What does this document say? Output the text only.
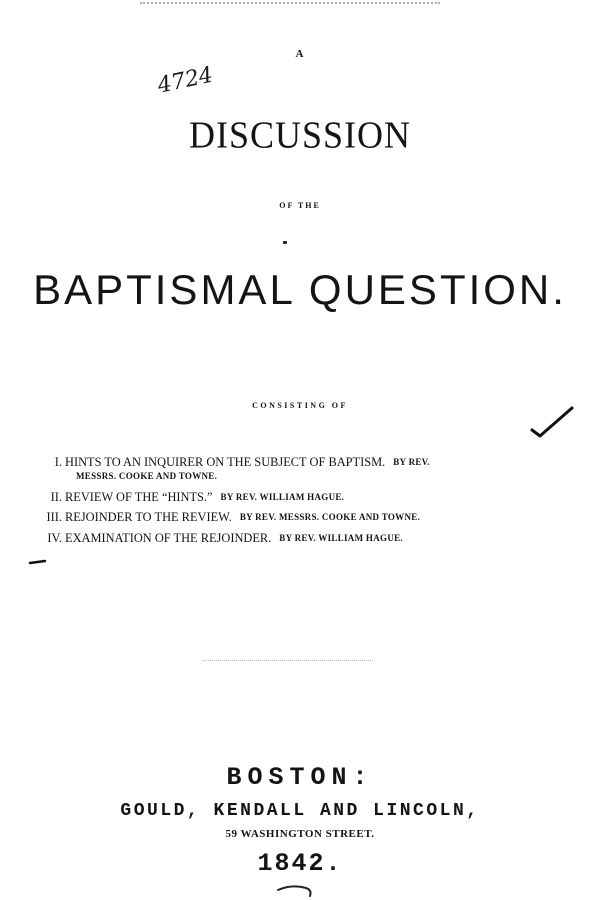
A
4724
DISCUSSION
OF THE
BAPTISMAL QUESTION.
CONSISTING OF
I. HINTS TO AN INQUIRER ON THE SUBJECT OF BAPTISM. BY REV.
MESSRS. COOKE AND TOWNE.
II. REVIEW OF THE “HINTS.” BY REV. WILLIAM HAGUE.
III. REJOINDER TO THE REVIEW. BY REV. MESSRS. COOKE AND TOWNE.
IV. EXAMINATION OF THE REJOINDER. BY REV. WILLIAM HAGUE.
BOSTON:
GOULD, KENDALL AND LINCOLN,
59 WASHINGTON STREET.
1842.
